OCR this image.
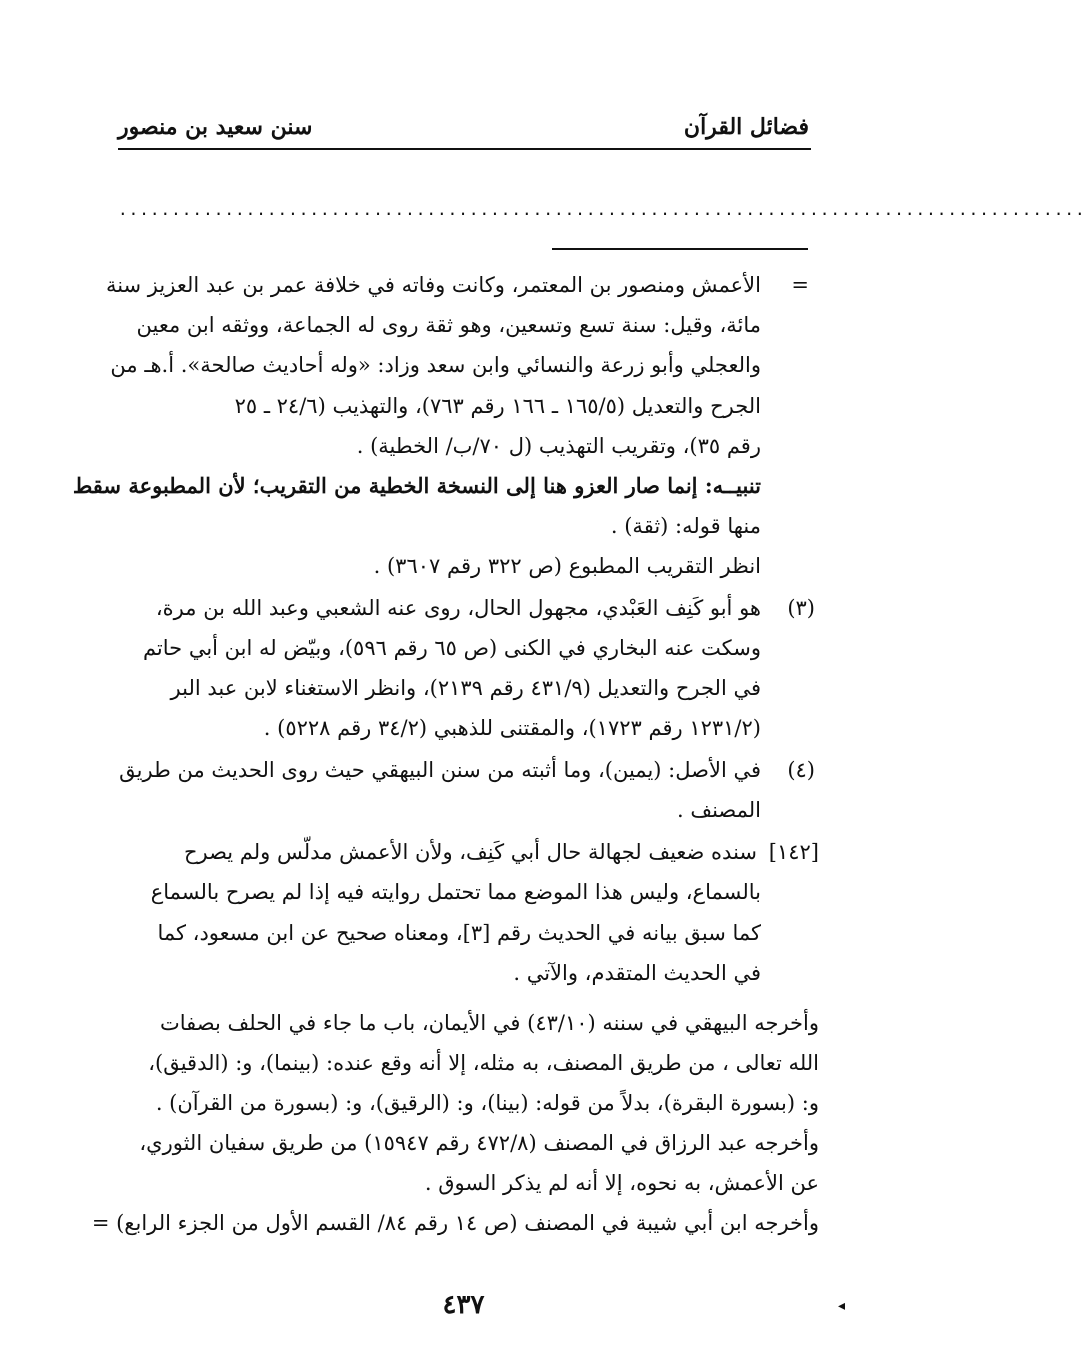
فضائل القرآن
سنن سعيد بن منصور
...........................................................................................
=
الأعمش ومنصور بن المعتمر، وكانت وفاته في خلافة عمر بن عبد العزيز سنة
مائة، وقيل: سنة تسع وتسعين، وهو ثقة روى له الجماعة، ووثقه ابن معين
والعجلي وأبو زرعة والنسائي وابن سعد وزاد: «وله أحاديث صالحة». أ.هـ من
الجرح والتعديل (١٦٥/٥ ـ ١٦٦ رقم ٧٦٣)، والتهذيب (٢٤/٦ ـ ٢٥
رقم ٣٥)، وتقريب التهذيب (ل ٧٠/ب/ الخطية) .
تنبيــه: إنما صار العزو هنا إلى النسخة الخطية من التقريب؛ لأن المطبوعة سقط
منها قوله: (ثقة) .
انظر التقريب المطبوع (ص ٣٢٢ رقم ٣٦٠٧) .
(٣)
هو أبو كَنِف العَبْدي، مجهول الحال، روى عنه الشعبي وعبد الله بن مرة،
وسكت عنه البخاري في الكنى (ص ٦٥ رقم ٥٩٦)، وبيّض له ابن أبي حاتم
في الجرح والتعديل (٤٣١/٩ رقم ٢١٣٩)، وانظر الاستغناء لابن عبد البر
(١٢٣١/٢ رقم ١٧٢٣)، والمقتنى للذهبي (٣٤/٢ رقم ٥٢٢٨) .
(٤)
في الأصل: (يمين)، وما أثبته من سنن البيهقي حيث روى الحديث من طريق
المصنف .
[١٤٢]
سنده ضعيف لجهالة حال أبي كَنِف، ولأن الأعمش مدلّس ولم يصرح
بالسماع، وليس هذا الموضع مما تحتمل روايته فيه إذا لم يصرح بالسماع
كما سبق بيانه في الحديث رقم [٣]، ومعناه صحيح عن ابن مسعود، كما
في الحديث المتقدم، والآتي .
وأخرجه البيهقي في سننه (٤٣/١٠) في الأيمان، باب ما جاء في الحلف بصفات
الله تعالى ، من طريق المصنف، به مثله، إلا أنه وقع عنده: (بينما)، و: (الدقيق)،
و: (بسورة البقرة)، بدلاً من قوله: (بينا)، و: (الرقيق)، و: (بسورة من القرآن) .
وأخرجه عبد الرزاق في المصنف (٤٧٢/٨ رقم ١٥٩٤٧) من طريق سفيان الثوري،
عن الأعمش، به نحوه، إلا أنه لم يذكر السوق .
وأخرجه ابن أبي شيبة في المصنف (ص ١٤ رقم ٨٤/ القسم الأول من الجزء الرابع) =
٤٣٧	◂
